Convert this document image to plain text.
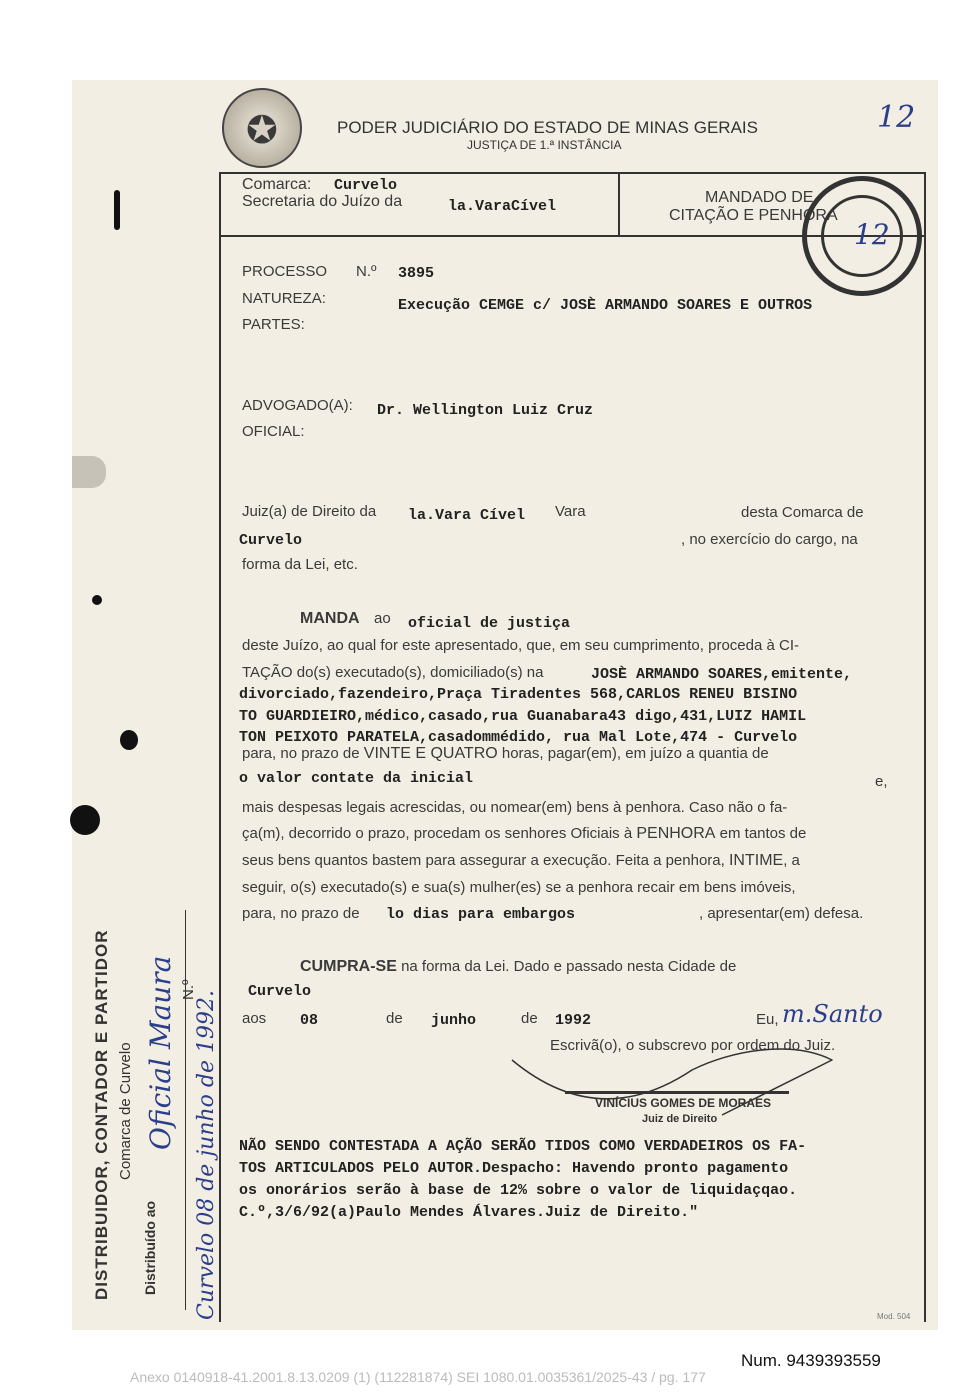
✪	PODER JUDICIÁRIO DO ESTADO DE MINAS GERAIS
JUSTIÇA DE 1.ª INSTÂNCIA
12
Comarca: Curvelo
Secretaria do Juízo da	la.VaraCível
MANDADO DE
CITAÇÃO E PENHORA
12
PROCESSO N.º 3895
NATUREZA:	Execução CEMGE c/ JOSÈ ARMANDO SOARES E OUTROS
PARTES:
ADVOGADO(A): Dr. Wellington Luiz Cruz
OFICIAL:
Juiz(a) de Direito da la.Vara Cível Vara	desta Comarca de
Curvelo	, no exercício do cargo, na
forma da Lei, etc.
MANDA ao oficial de justiça
deste Juízo, ao qual for este apresentado, que, em seu cumprimento, proceda à CI-
TAÇÃO do(s) executado(s), domiciliado(s) na	JOSÈ ARMANDO SOARES,emitente,
divorciado,fazendeiro,Praça Tiradentes 568,CARLOS RENEU BISINO
TO GUARDIEIRO,médico,casado,rua Guanabara43 digo,431,LUIZ HAMIL
TON PEIXOTO PARATELA,casadommédido, rua Mal Lote,474 - Curvelo
para, no prazo de VINTE E QUATRO horas, pagar(em), em juízo a quantia de
o valor contate da inicial	e,
mais despesas legais acrescidas, ou nomear(em) bens à penhora. Caso não o fa-
ça(m), decorrido o prazo, procedam os senhores Oficiais à PENHORA em tantos de
seus bens quantos bastem para assegurar a execução. Feita a penhora, INTIME, a
seguir, o(s) executado(s) e sua(s) mulher(es) se a penhora recair em bens imóveis,
para, no prazo de lo dias para embargos	, apresentar(em) defesa.
CUMPRA-SE na forma da Lei. Dado e passado nesta Cidade de
Curvelo
aos 08	de junho	de 1992	Eu, m.Santo
Escrivã(o), o subscrevo por ordem do Juiz.
VINÍCIUS GOMES DE MORAES
Juiz de Direito
NÃO SENDO CONTESTADA A AÇÃO SERÃO TIDOS COMO VERDADEIROS OS FA-
TOS ARTICULADOS PELO AUTOR.Despacho: Havendo pronto pagamento
os onorários serão à base de 12% sobre o valor de liquidaçqao.
C.º,3/6/92(a)Paulo Mendes Álvares.Juiz de Direito."
Mod. 504
DISTRIBUIDOR, CONTADOR E PARTIDOR Comarca de Curvelo
Distribuído ao
Oficial Maura N.º
Curvelo 08 de junho de 1992.
Num. 9439393559
Anexo 0140918-41.2001.8.13.0209 (1) (112281874) SEI 1080.01.0035361/2025-43 / pg. 177
